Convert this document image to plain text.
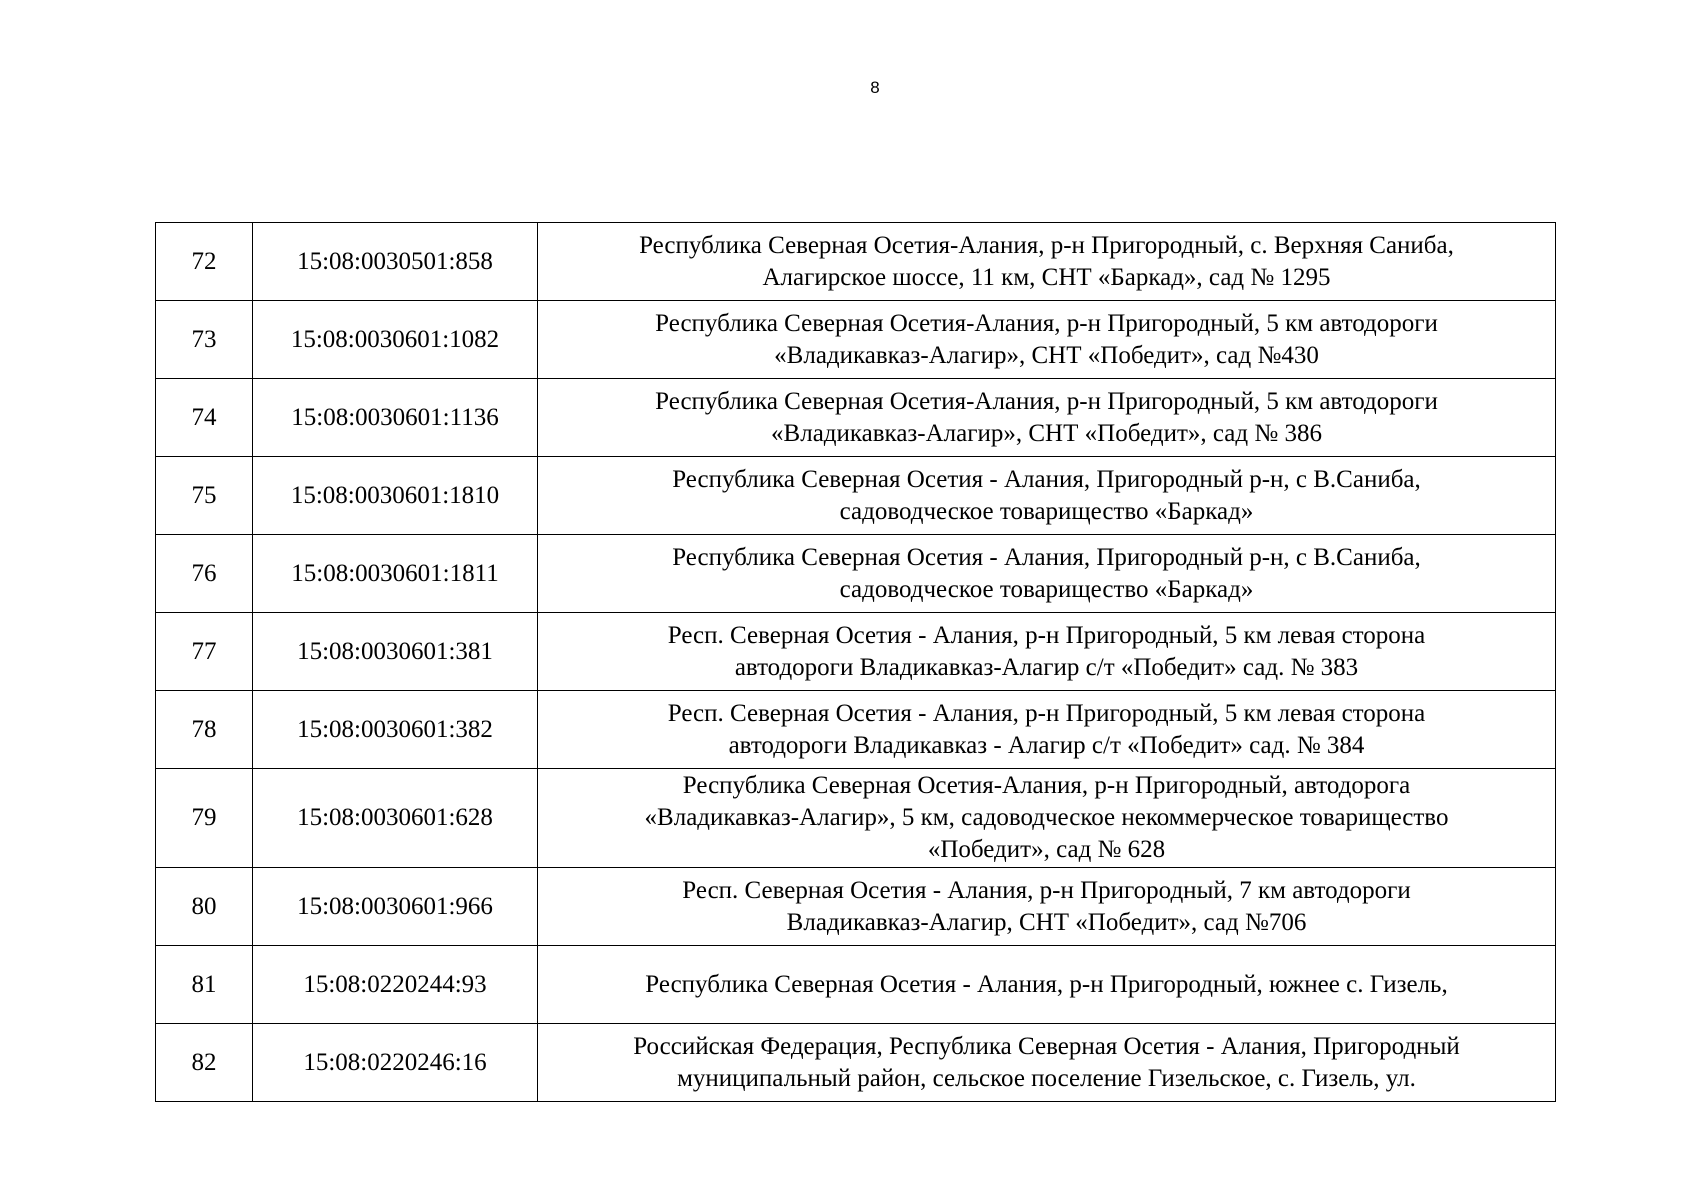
8
72	15:08:0030501:858	Республика Северная Осетия-Алания, р-н Пригородный, с. Верхняя Саниба,
Алагирское шоссе, 11 км, СНТ «Баркад», сад № 1295

73	15:08:0030601:1082	Республика Северная Осетия-Алания, р-н Пригородный, 5 км автодороги
«Владикавказ-Алагир», СНТ «Победит», сад №430

74	15:08:0030601:1136	Республика Северная Осетия-Алания, р-н Пригородный, 5 км автодороги
«Владикавказ-Алагир», СНТ «Победит», сад № 386

75	15:08:0030601:1810	Республика Северная Осетия - Алания, Пригородный р-н, с В.Саниба,
садоводческое товарищество «Баркад»

76	15:08:0030601:1811	Республика Северная Осетия - Алания, Пригородный р-н, с В.Саниба,
садоводческое товарищество «Баркад»

77	15:08:0030601:381	Респ. Северная Осетия - Алания, р-н Пригородный, 5 км левая сторона
автодороги Владикавказ-Алагир с/т «Победит» сад. № 383

78	15:08:0030601:382	Респ. Северная Осетия - Алания, р-н Пригородный, 5 км левая сторона
автодороги Владикавказ - Алагир с/т «Победит» сад. № 384

79	15:08:0030601:628	Республика Северная Осетия-Алания, р-н Пригородный, автодорога
«Владикавказ-Алагир», 5 км, садоводческое некоммерческое товарищество
«Победит», сад № 628

80	15:08:0030601:966	Респ. Северная Осетия - Алания, р-н Пригородный, 7 км автодороги
Владикавказ-Алагир, СНТ «Победит», сад №706

81	15:08:0220244:93	Республика Северная Осетия - Алания, р-н Пригородный, южнее с. Гизель,

82	15:08:0220246:16	Российская Федерация, Республика Северная Осетия - Алания, Пригородный
муниципальный район, сельское поселение Гизельское, с. Гизель, ул.
